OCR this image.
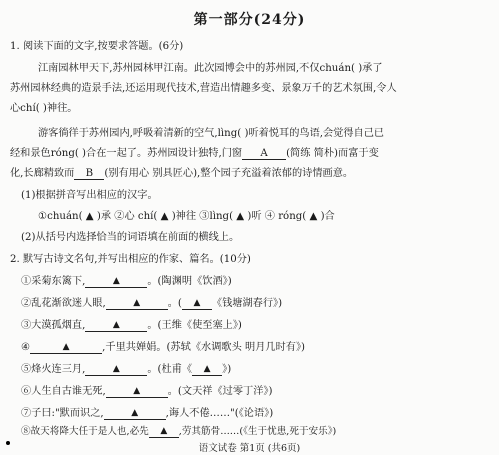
第一部分(24分)
1. 阅读下面的文字,按要求答题。(6分)
江南园林甲天下,苏州园林甲江南。此次园博会中的苏州园,不仅chuán( )承了
苏州园林经典的造景手法,还运用现代技术,营造出情趣多变、景象万千的艺术氛围,令人
心chí( )神往。
游客徜徉于苏州园内,呼吸着清新的空气,lìng( )听着悦耳的鸟语,会觉得自己已
经和景色róng( )合在一起了。苏州园设计独特,门窗 A (简练 简朴)而富于变
化,长廊精致而 B (别有用心 别具匠心),整个园子充溢着浓郁的诗情画意。
(1)根据拼音写出相应的汉字。
①chuán( ▲ )承 ②心 chí( ▲ )神往 ③lìng( ▲ )听 ④ róng( ▲ )合
(2)从括号内选择恰当的词语填在前面的横线上。
2. 默写古诗文名句,并写出相应的作家、篇名。(10分)
①采菊东篱下,	▲	。(陶渊明《饮酒》)
②乱花渐欲迷人眼,	▲	。( ▲ 《钱塘湖春行》)
③大漠孤烟直,	▲	。(王维《使至塞上》)
④	▲	,千里共婵娟。(苏轼《水调歌头 明月几时有》)
⑤烽火连三月,	▲	。(杜甫《 ▲ 》)
⑥人生自古谁无死,	▲	。(文天祥《过零丁洋》)
⑦子曰:"默而识之,	▲	,诲人不倦……"(《论语》)
⑧故天将降大任于是人也,必先 ▲ ,劳其筋骨……(《生于忧患,死于安乐》)
语文试卷 第1页 (共6页)
